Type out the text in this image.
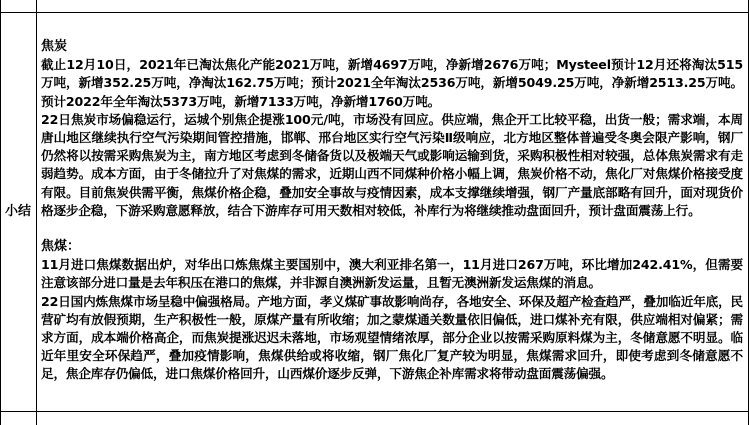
小结

焦炭

截止12月10日，2021年已淘汰焦化产能2021万吨，新增4697万吨，净新增2676万吨；Mysteel预计12月还将淘汰515万吨，新增352.25万吨，净淘汰162.75万吨；预计2021全年淘汰2536万吨，新增5049.25万吨，净新增2513.25万吨。预计2022年全年淘汰5373万吨，新增7133万吨，净新增1760万吨。

22日焦炭市场偏稳运行，运城个别焦企提涨100元/吨，市场没有回应。供应端，焦企开工比较平稳，出货一般；需求端，本周唐山地区继续执行空气污染期间管控措施，邯郸、邢台地区实行空气污染Ⅱ级响应，北方地区整体普遍受冬奥会限产影响，钢厂仍然将以按需采购焦炭为主，南方地区考虑到冬储备货以及极端天气或影响运输到货，采购积极性相对较强，总体焦炭需求有走弱趋势。成本方面，由于冬储拉升了对焦煤的需求，近期山西不同煤种价格小幅上调，焦炭价格不动，焦化厂对焦煤价格接受度有限。目前焦炭供需平衡，焦煤价格企稳，叠加安全事故与疫情因素，成本支撑继续增强，钢厂产量底部略有回升，面对现货价格逐步企稳，下游采购意愿释放，结合下游库存可用天数相对较低，补库行为将继续推动盘面回升，预计盘面震荡上行。

焦煤：

11月进口焦煤数据出炉，对华出口炼焦煤主要国别中，澳大利亚排名第一，11月进口267万吨，环比增加242.41%，但需要注意该部分进口量是去年积压在港口的焦煤，并非源自澳洲新发运量，且暂无澳洲新发运焦煤的消息。

22日国内炼焦煤市场呈稳中偏强格局。产地方面，孝义煤矿事故影响尚存，各地安全、环保及超产检查趋严，叠加临近年底，民营矿均有放假预期，生产积极性一般，原煤产量有所收缩；加之蒙煤通关数量依旧偏低，进口煤补充有限，供应端相对偏紧；需求方面，成本端价格高企，而焦炭提涨迟迟未落地，市场观望情绪浓厚，部分企业以按需采购原料煤为主，冬储意愿不明显。临近年里安全环保趋严，叠加疫情影响，焦煤供给或将收缩，钢厂焦化厂复产较为明显，焦煤需求回升，即使考虑到冬储意愿不足，焦企库存仍偏低，进口焦煤价格回升，山西煤价逐步反弹，下游焦企补库需求将带动盘面震荡偏强。
